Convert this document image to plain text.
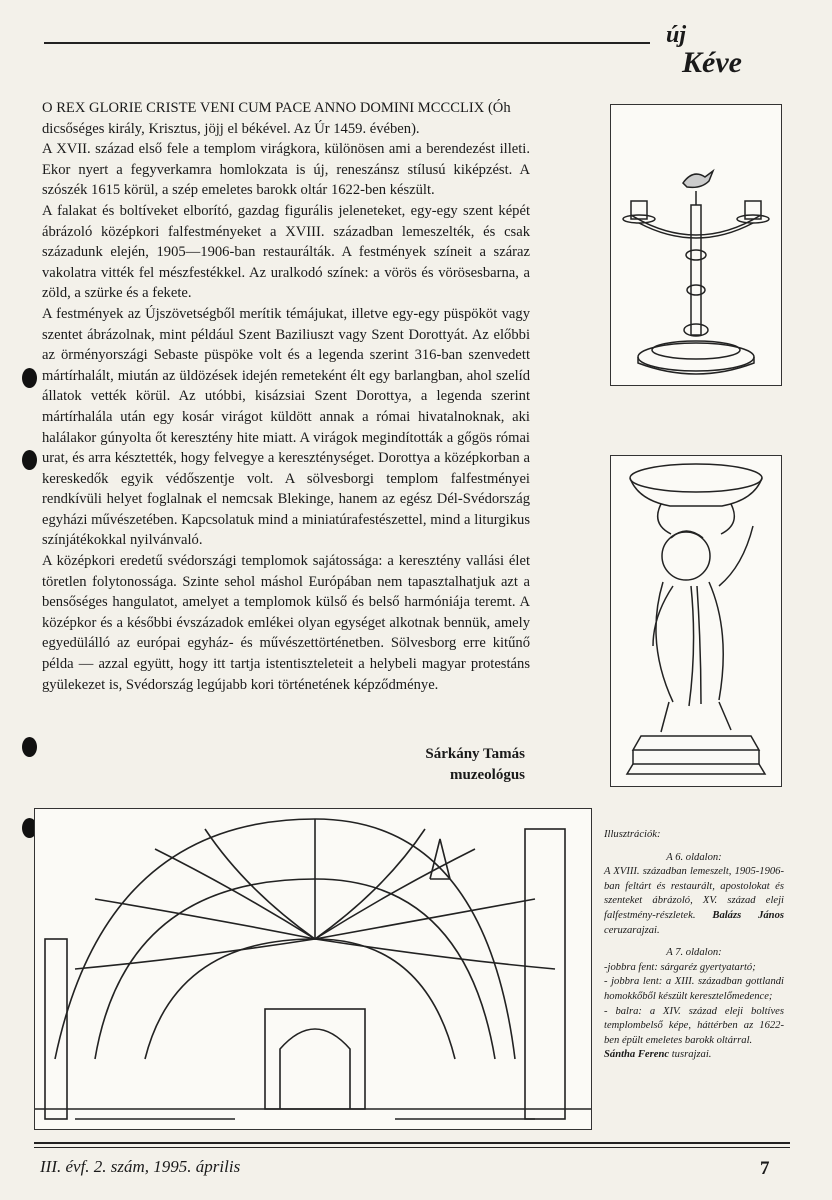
új
Kéve

O REX GLORIE CRISTE VENI CUM PACE ANNO DOMINI MCCCLIX (Óh dicsőséges király, Krisztus, jöjj el békével. Az Úr 1459. évében).

A XVII. század első fele a templom virágkora, különösen ami a berendezést illeti. Ekor nyert a fegyverkamra homlokzata is új, reneszánsz stílusú kiképzést. A szószék 1615 körül, a szép emeletes barokk oltár 1622-ben készült.

A falakat és boltíveket elborító, gazdag figurális jeleneteket, egy-egy szent képét ábrázoló középkori falfestményeket a XVIII. században lemeszelték, és csak századunk elején, 1905—1906-ban restaurálták. A festmények színeit a száraz vakolatra vitték fel mészfestékkel. Az uralkodó színek: a vörös és vörösesbarna, a zöld, a szürke és a fekete.

A festmények az Újszövetségből merítik témájukat, illetve egy-egy püspököt vagy szentet ábrázolnak, mint például Szent Baziliuszt vagy Szent Dorottyát. Az előbbi az örményországi Sebaste püspöke volt és a legenda szerint 316-ban szenvedett mártírhalált, miután az üldözések idején remeteként élt egy barlangban, ahol szelíd állatok vették körül. Az utóbbi, kisázsiai Szent Dorottya, a legenda szerint mártírhalála után egy kosár virágot küldött annak a római hivatalnoknak, aki halálakor gúnyolta őt keresztény hite miatt. A virágok megindították a gőgös római urat, és arra késztették, hogy felvegye a kereszténységet. Dorottya a középkorban a kereskedők egyik védőszentje volt. A sölvesborgi templom falfestményei rendkívüli helyet foglalnak el nemcsak Blekinge, hanem az egész Dél-Svédország egyházi művészetében. Kapcsolatuk mind a miniatúrafestészettel, mind a liturgikus színjátékokkal nyilvánvaló.

A középkori eredetű svédországi templomok sajátossága: a keresztény vallási élet töretlen folytonossága. Szinte sehol máshol Európában nem tapasztalhatjuk azt a bensőséges hangulatot, amelyet a templomok külső és belső harmóniája teremt. A középkor és a későbbi évszázadok emlékei olyan egységet alkotnak bennük, amely egyedülálló az európai egyház- és művészettörténetben. Sölvesborg erre kitűnő példa — azzal együtt, hogy itt tartja istentiszteleteit a helybeli magyar protestáns gyülekezet is, Svédország legújabb kori történetének képződménye.

Sárkány Tamás
muzeológus
Illusztrációk:
A 6. oldalon:
A XVIII. században lemeszelt, 1905-1906-ban feltárt és restaurált, apostolokat és szenteket ábrázoló, XV. század eleji falfestmény-részletek. Balázs János ceruzarajzai.
A 7. oldalon:
-jobbra fent: sárgaréz gyertyatartó;
- jobbra lent: a XIII. században gottlandi homokkőből készült keresztelőmedence;
- balra: a XIV. század eleji boltíves templombelső képe, háttérben az 1622-ben épült emeletes barokk oltárral.
Sántha Ferenc tusrajzai.
III. évf. 2. szám, 1995. április	7
